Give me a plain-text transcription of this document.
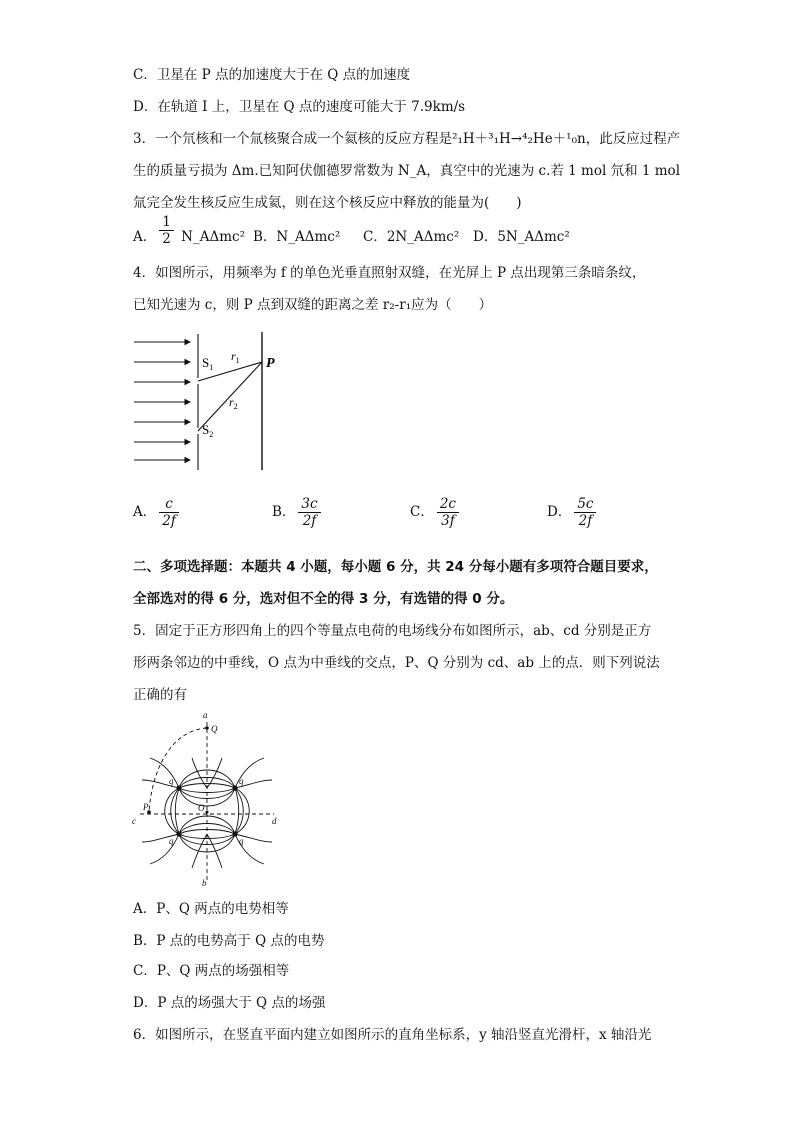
C．卫星在 P 点的加速度大于在 Q 点的加速度
D．在轨道 I 上，卫星在 Q 点的速度可能大于 7.9km/s
3．一个氘核和一个氚核聚合成一个氦核的反应方程是²₁H＋³₁H→⁴₂He＋¹₀n，此反应过程产
生的质量亏损为 Δm.已知阿伏伽德罗常数为 N_A，真空中的光速为 c.若 1 mol 氘和 1 mol
氚完全发生核反应生成氦，则在这个核反应中释放的能量为(　　)
A． $\frac{1}{2}$ N_AΔmc² B．N_AΔmc² C．2N_AΔmc² D．5N_AΔmc²
4．如图所示，用频率为 f 的单色光垂直照射双缝，在光屏上 P 点出现第三条暗条纹，
已知光速为 c，则 P 点到双缝的距离之差 r₂-r₁应为（　　）
$S_1$
$r_1$ P
$r_2$
$S_2$
A． $\frac{c}{2f}$	B． $\frac{3c}{2f}$	C． $\frac{2c}{3f}$	D． $\frac{5c}{2f}$
二、多项选择题：本题共 4 小题，每小题 6 分，共 24 分每小题有多项符合题目要求，
全部选对的得 6 分，选对但不全的得 3 分，有选错的得 0 分。
5．固定于正方形四角上的四个等量点电荷的电场线分布如图所示，ab、cd 分别是正方
形两条邻边的中垂线，O 点为中垂线的交点，P、Q 分别为 cd、ab 上的点．则下列说法
正确的有
a
Q
P	O
c	d
b
q	q
q	q
A．P、Q 两点的电势相等
B．P 点的电势高于 Q 点的电势
C．P、Q 两点的场强相等
D．P 点的场强大于 Q 点的场强
6．如图所示，在竖直平面内建立如图所示的直角坐标系，y 轴沿竖直光滑杆，x 轴沿光
